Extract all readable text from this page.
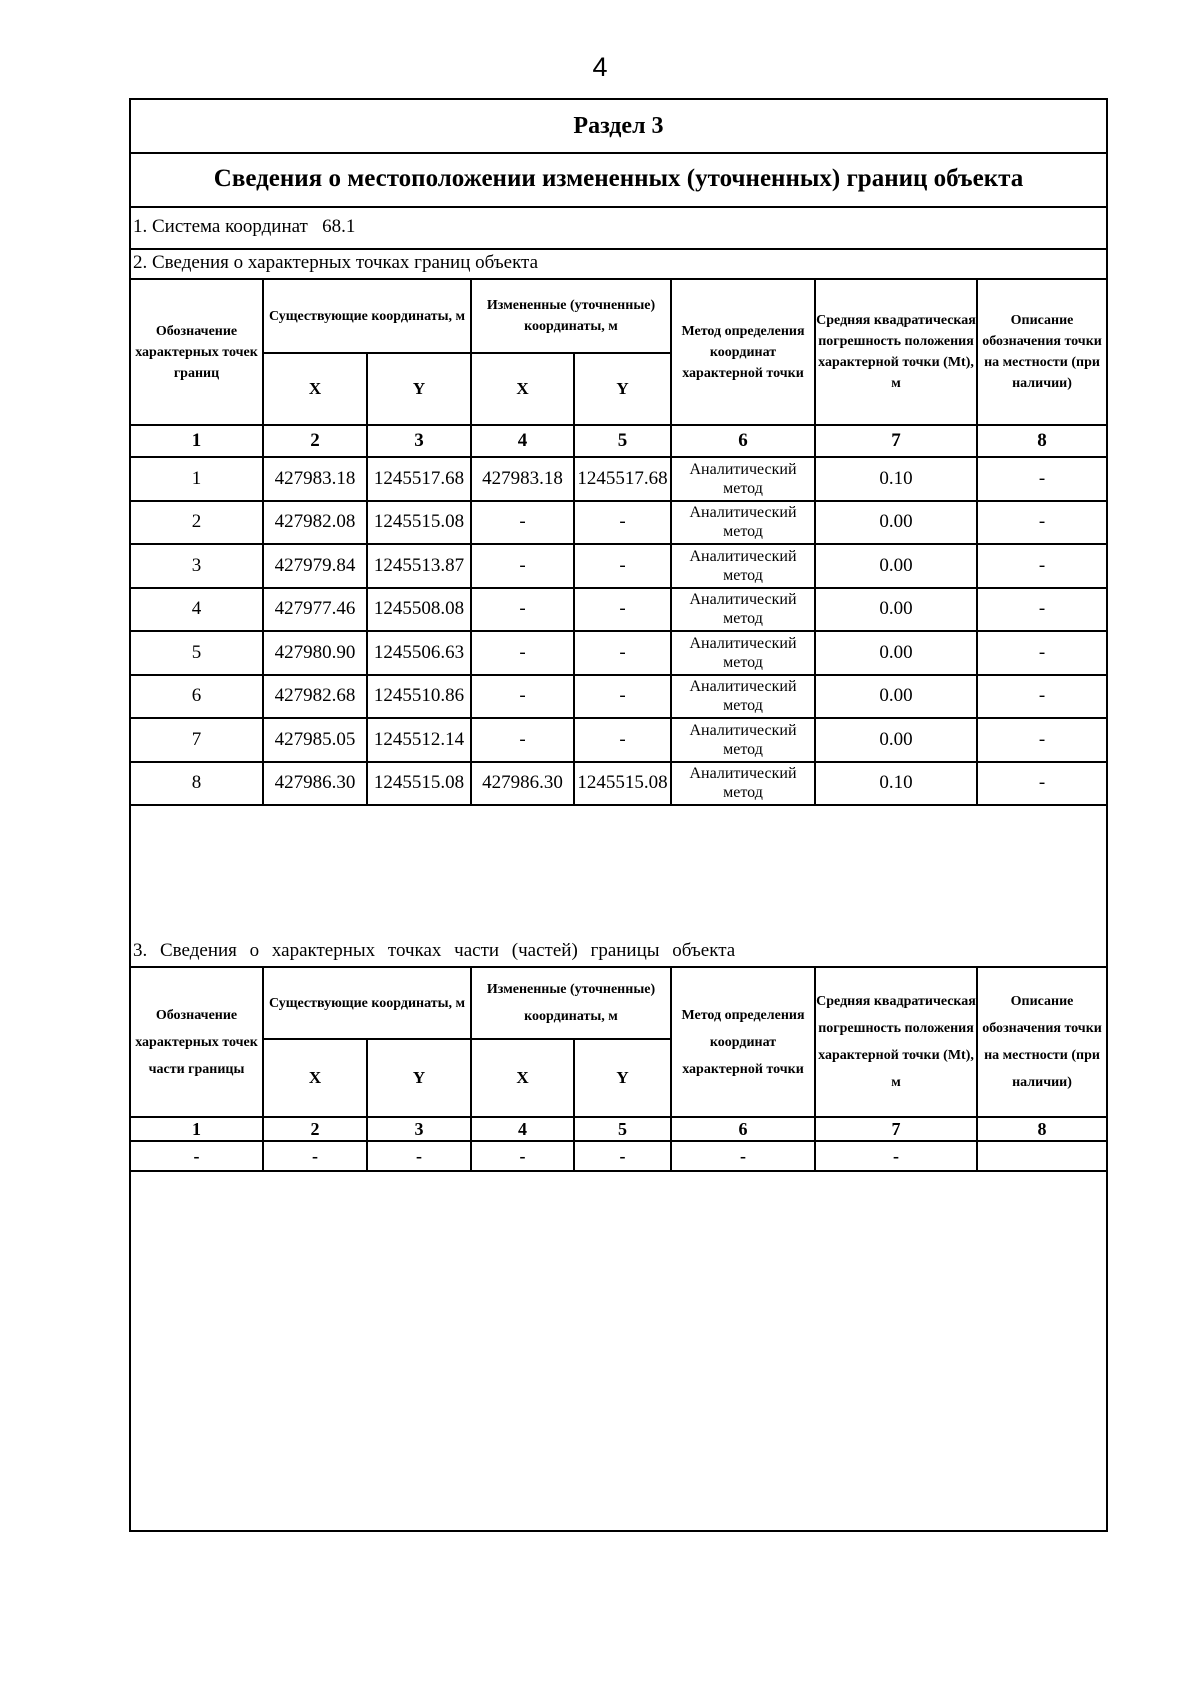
4
Раздел 3
Сведения о местоположении измененных (уточненных) границ объекта
1. Система координат 68.1
2. Сведения о характерных точках границ объекта
Обозначение характерных точек границ	Существующие координаты, м		Измененные (уточненные) координаты, м		Метод определения координат характерной точки	Средняя квадратическая погрешность положения характерной точки (Mt), м	Описание обозначения точки на местности (при наличии)
	X	Y	X	Y			
1	2	3	4	5	6	7	8
1	427983.18	1245517.68	427983.18	1245517.68	Аналитический метод	0.10	-
2	427982.08	1245515.08	-	-	Аналитический метод	0.00	-
3	427979.84	1245513.87	-	-	Аналитический метод	0.00	-
4	427977.46	1245508.08	-	-	Аналитический метод	0.00	-
5	427980.90	1245506.63	-	-	Аналитический метод	0.00	-
6	427982.68	1245510.86	-	-	Аналитический метод	0.00	-
7	427985.05	1245512.14	-	-	Аналитический метод	0.00	-
8	427986.30	1245515.08	427986.30	1245515.08	Аналитический метод	0.10	-
3. Сведения о характерных точках части (частей) границы объекта
Обозначение характерных точек части границы	Существующие координаты, м		Измененные (уточненные) координаты, м		Метод определения координат характерной точки	Средняя квадратическая погрешность положения характерной точки (Mt), м	Описание обозначения точки на местности (при наличии)
	X	Y	X	Y			
1	2	3	4	5	6	7	8
-	-	-	-	-	-	-	
